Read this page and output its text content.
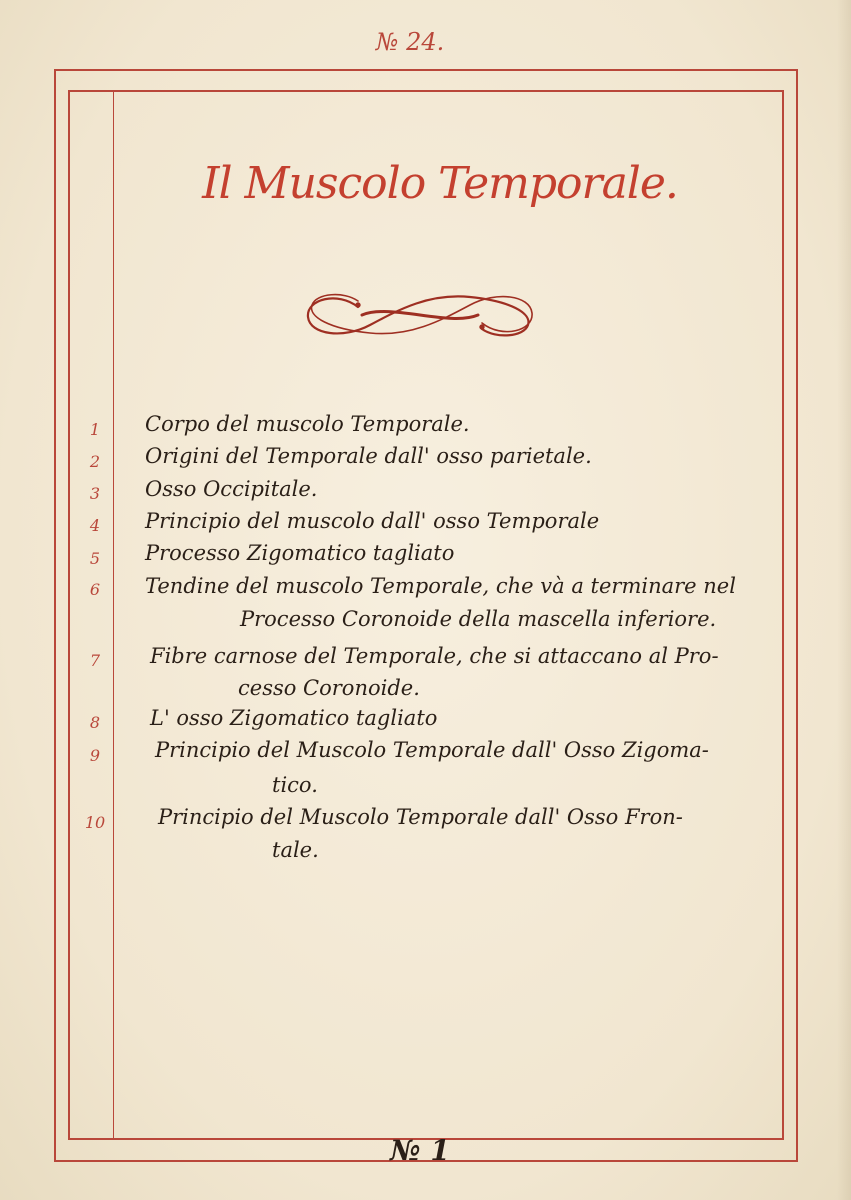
№ 24.
Il Muscolo Temporale.
1	Corpo del muscolo Temporale.
2	Origini del Temporale dall' osso parietale.
3	Osso Occipitale.
4	Principio del muscolo dall' osso Temporale
5	Processo Zigomatico tagliato
6	Tendine del muscolo Temporale, che và a terminare nel
Processo Coronoide della mascella inferiore.
7	Fibre carnose del Temporale, che si attaccano al Pro-
cesso Coronoide.
8	L' osso Zigomatico tagliato
9	Principio del Muscolo Temporale dall' Osso Zigoma-
tico.
10	Principio del Muscolo Temporale dall' Osso Fron-
tale.
№ 1
